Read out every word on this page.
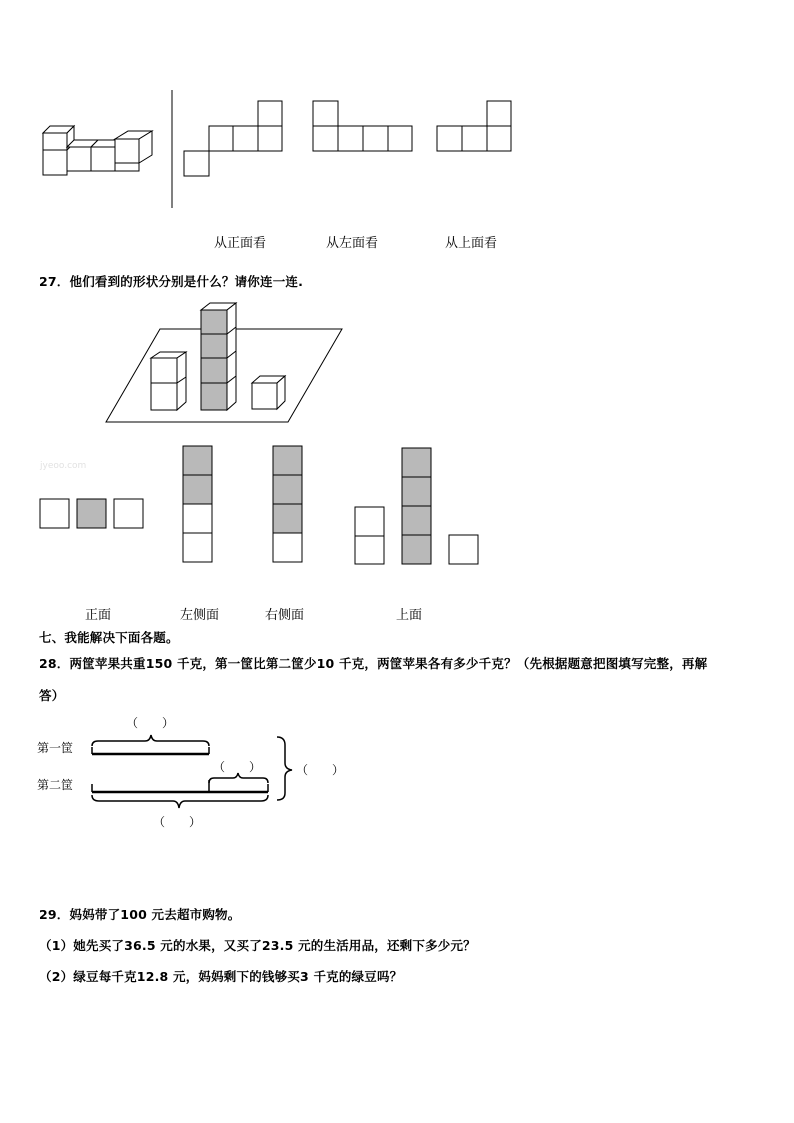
从正面看	从左面看	从上面看
27．他们看到的形状分别是什么？请你连一连.
jyeoo.com
正面	左侧面	右侧面	上面
七、我能解决下面各题。
28．两筐苹果共重150 千克，第一筐比第二筐少10 千克，两筐苹果各有多少千克？（先根据题意把图填写完整，再解
答）
第一筐
第二筐
（　　）
（　　）	（　　）
（　　）
29．妈妈带了100 元去超市购物。
（1）她先买了36.5 元的水果，又买了23.5 元的生活用品，还剩下多少元？
（2）绿豆每千克12.8 元，妈妈剩下的钱够买3 千克的绿豆吗？
